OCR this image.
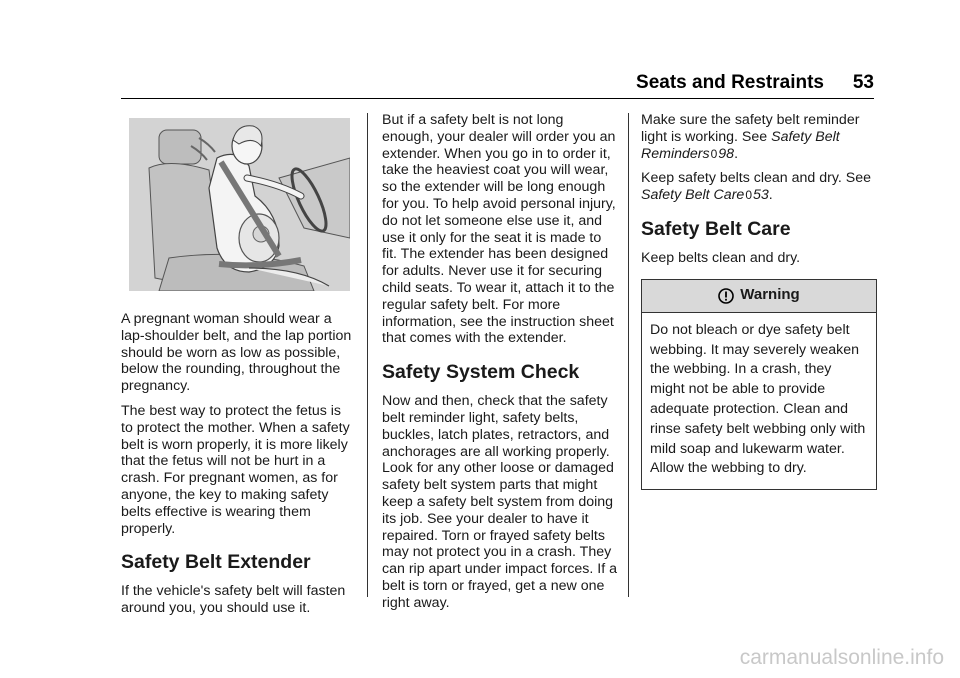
Seats and Restraints 53

A pregnant woman should wear a lap-shoulder belt, and the lap portion should be worn as low as possible, below the rounding, throughout the pregnancy.

The best way to protect the fetus is to protect the mother. When a safety belt is worn properly, it is more likely that the fetus will not be hurt in a crash. For pregnant women, as for anyone, the key to making safety belts effective is wearing them properly.

Safety Belt Extender

If the vehicle's safety belt will fasten around you, you should use it.

But if a safety belt is not long enough, your dealer will order you an extender. When you go in to order it, take the heaviest coat you will wear, so the extender will be long enough for you. To help avoid personal injury, do not let someone else use it, and use it only for the seat it is made to fit. The extender has been designed for adults. Never use it for securing child seats. To wear it, attach it to the regular safety belt. For more information, see the instruction sheet that comes with the extender.

Safety System Check

Now and then, check that the safety belt reminder light, safety belts, buckles, latch plates, retractors, and anchorages are all working properly. Look for any other loose or damaged safety belt system parts that might keep a safety belt system from doing its job. See your dealer to have it repaired. Torn or frayed safety belts may not protect you in a crash. They can rip apart under impact forces. If a belt is torn or frayed, get a new one right away.

Make sure the safety belt reminder light is working. See Safety Belt Reminders098.

Keep safety belts clean and dry. See Safety Belt Care053.

Safety Belt Care

Keep belts clean and dry.

Warning
Do not bleach or dye safety belt webbing. It may severely weaken the webbing. In a crash, they might not be able to provide adequate protection. Clean and rinse safety belt webbing only with mild soap and lukewarm water. Allow the webbing to dry.
carmanualsonline.info
